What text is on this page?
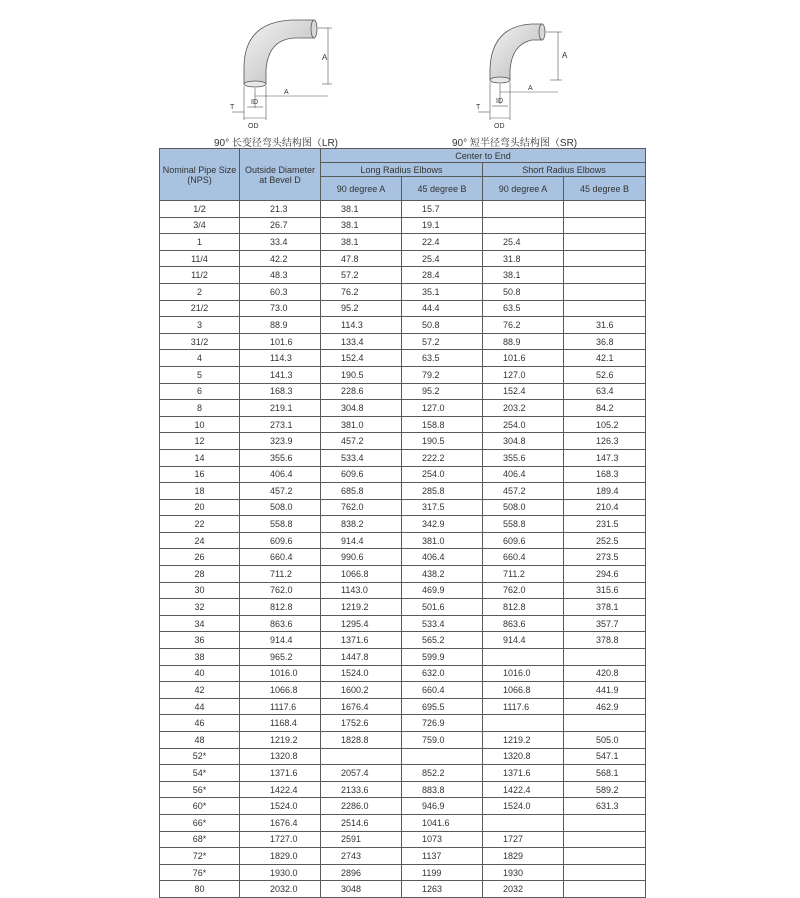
A
A
ID
OD
T
90° 长变径弯头结构图（LR)
A
A
ID
OD
T
90° 短半径弯头结构图（SR)
Nominal Pipe Size (NPS)	Outside Diameter at Bevel D	Center to End			
		Long Radius Elbows		Short Radius Elbows	
		90 degree A	45 degree B	90 degree A	45 degree B
1/2	21.3	38.1	15.7		
3/4	26.7	38.1	19.1		
1	33.4	38.1	22.4	25.4	
11/4	42.2	47.8	25.4	31.8	
11/2	48.3	57.2	28.4	38.1	
2	60.3	76.2	35.1	50.8	
21/2	73.0	95.2	44.4	63.5	
3	88.9	114.3	50.8	76.2	31.6
31/2	101.6	133.4	57.2	88.9	36.8
4	114.3	152.4	63.5	101.6	42.1
5	141.3	190.5	79.2	127.0	52.6
6	168.3	228.6	95.2	152.4	63.4
8	219.1	304.8	127.0	203.2	84.2
10	273.1	381.0	158.8	254.0	105.2
12	323.9	457.2	190.5	304.8	126.3
14	355.6	533.4	222.2	355.6	147.3
16	406.4	609.6	254.0	406.4	168.3
18	457.2	685.8	285.8	457.2	189.4
20	508.0	762.0	317.5	508.0	210.4
22	558.8	838.2	342.9	558.8	231.5
24	609.6	914.4	381.0	609.6	252.5
26	660.4	990.6	406.4	660.4	273.5
28	711.2	1066.8	438.2	711.2	294.6
30	762.0	1143.0	469.9	762.0	315.6
32	812.8	1219.2	501.6	812.8	378.1
34	863.6	1295.4	533.4	863.6	357.7
36	914.4	1371.6	565.2	914.4	378.8
38	965.2	1447.8	599.9		
40	1016.0	1524.0	632.0	1016.0	420.8
42	1066.8	1600.2	660.4	1066.8	441.9
44	1117.6	1676.4	695.5	1117.6	462.9
46	1168.4	1752.6	726.9		
48	1219.2	1828.8	759.0	1219.2	505.0
52*	1320.8			1320.8	547.1
54*	1371.6	2057.4	852.2	1371.6	568.1
56*	1422.4	2133.6	883.8	1422.4	589.2
60*	1524.0	2286.0	946.9	1524.0	631.3
66*	1676.4	2514.6	1041.6		
68*	1727.0	2591	1073	1727	
72*	1829.0	2743	1137	1829	
76*	1930.0	2896	1199	1930	
80	2032.0	3048	1263	2032	
